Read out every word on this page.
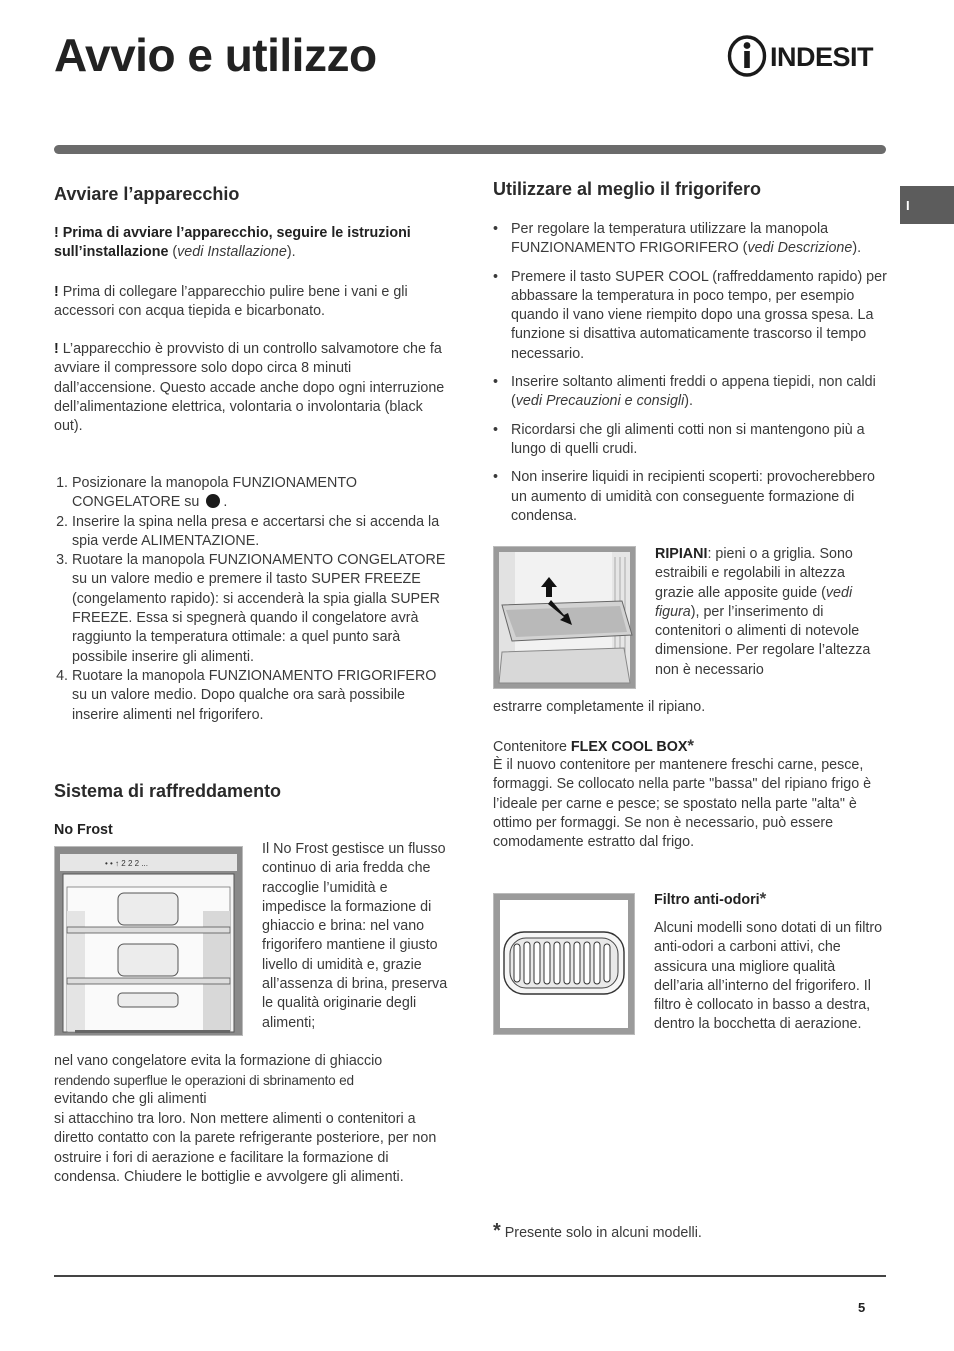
Avvio e utilizzo	INDESIT
I
Avviare l’apparecchio
! Prima di avviare l’apparecchio, seguire le istruzioni sull’installazione (vedi Installazione).
! Prima di collegare l’apparecchio pulire bene i vani e gli accessori con acqua tiepida e bicarbonato.
! L’apparecchio è provvisto di un controllo salvamotore che fa avviare il compressore solo dopo circa 8 minuti dall’accensione. Questo accade anche dopo ogni interruzione dell’alimentazione elettrica, volontaria o involontaria (black out).
1. Posizionare la manopola FUNZIONAMENTO CONGELATORE su .
2. Inserire la spina nella presa e accertarsi che si accenda la spia verde ALIMENTAZIONE.
3. Ruotare la manopola FUNZIONAMENTO CONGELATORE su un valore medio e premere il tasto SUPER FREEZE (congelamento rapido): si accenderà la spia gialla SUPER FREEZE. Essa si spegnerà quando il congelatore avrà raggiunto la temperatura ottimale: a quel punto sarà possibile inserire gli alimenti.
4. Ruotare la manopola FUNZIONAMENTO FRIGORIFERO su un valore medio. Dopo qualche ora sarà possibile inserire alimenti nel frigorifero.
Sistema di raffreddamento
No Frost
• • ↑ 2 2 2 ...
Il No Frost gestisce un flusso continuo di aria fredda che raccoglie l’umidità e impedisce la formazione di ghiaccio e brina: nel vano frigorifero mantiene il giusto livello di umidità e, grazie all’assenza di brina, preserva le qualità originarie degli alimenti;
nel vano congelatore evita la formazione di ghiaccio
rendendo superflue le operazioni di sbrinamento ed
evitando che gli alimenti
si attacchino tra loro. Non mettere alimenti o contenitori a diretto contatto con la parete refrigerante posteriore, per non ostruire i fori di aerazione e facilitare la formazione di condensa. Chiudere le bottiglie e avvolgere gli alimenti.
Utilizzare al meglio il frigorifero
• Per regolare la temperatura utilizzare la manopola FUNZIONAMENTO FRIGORIFERO (vedi Descrizione).
• Premere il tasto SUPER COOL (raffreddamento rapido) per abbassare la temperatura in poco tempo, per esempio quando il vano viene riempito dopo una grossa spesa. La funzione si disattiva automaticamente trascorso il tempo necessario.
• Inserire soltanto alimenti freddi o appena tiepidi, non caldi (vedi Precauzioni e consigli).
• Ricordarsi che gli alimenti cotti non si mantengono più a lungo di quelli crudi.
• Non inserire liquidi in recipienti scoperti: provocherebbero un aumento di umidità con conseguente formazione di condensa.
RIPIANI: pieni o a griglia. Sono estraibili e regolabili in altezza grazie alle apposite guide (vedi figura), per l’inserimento di contenitori o alimenti di notevole dimensione. Per regolare l’altezza non è necessario
estrarre completamente il ripiano.
Contenitore FLEX COOL BOX*
È il nuovo contenitore per mantenere freschi carne, pesce, formaggi. Se collocato nella parte "bassa" del ripiano frigo è l’ideale per carne e pesce; se spostato nella parte "alta" è ottimo per formaggi. Se non è necessario, può essere comodamente estratto dal frigo.
Filtro anti-odori*
Alcuni modelli sono dotati di un filtro anti-odori a carboni attivi, che assicura una migliore qualità dell’aria all’interno del frigorifero. Il filtro è collocato in basso a destra, dentro la bocchetta di aerazione.
* Presente solo in alcuni modelli.
5
